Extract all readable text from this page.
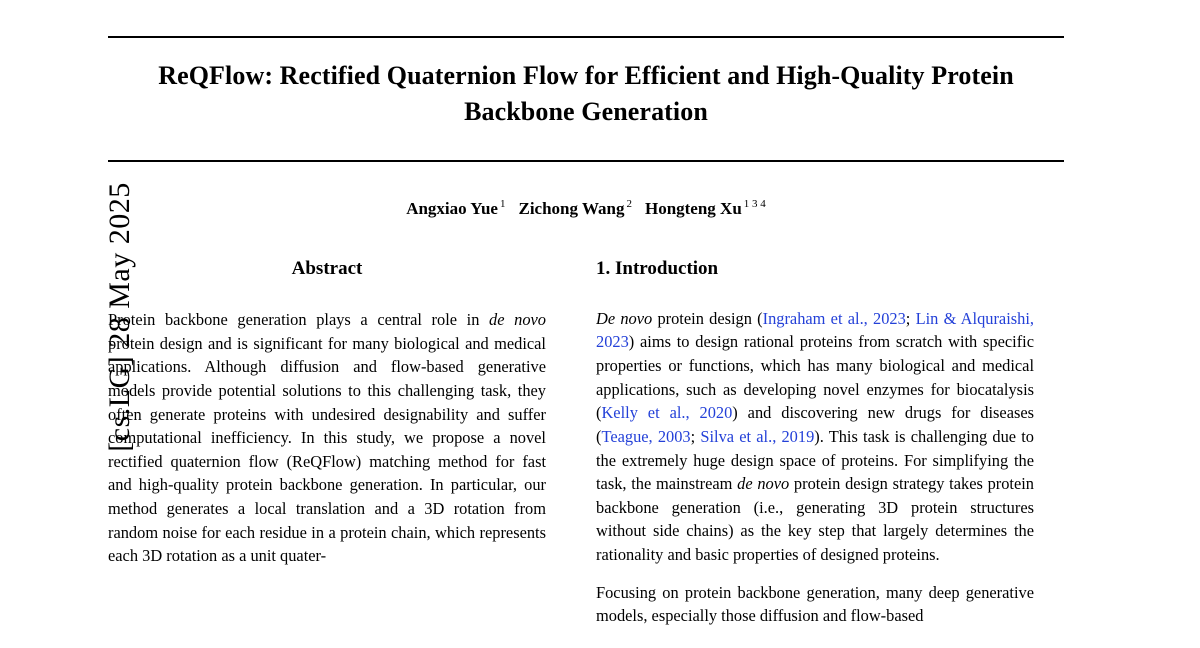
[cs.LG] 28 May 2025
ReQFlow: Rectified Quaternion Flow for Efficient and High-Quality Protein Backbone Generation
Angxiao Yue $^1$ Zichong Wang $^2$ Hongteng Xu $^{1 3 4}$
Abstract

Protein backbone generation plays a central role in de novo protein design and is significant for many biological and medical applications. Although diffusion and flow-based generative models provide potential solutions to this challenging task, they often generate proteins with undesired designability and suffer computational inefficiency. In this study, we propose a novel rectified quaternion flow (ReQFlow) matching method for fast and high-quality protein backbone generation. In particular, our method generates a local translation and a 3D rotation from random noise for each residue in a protein chain, which represents each 3D rotation as a unit quater-

1. Introduction

De novo protein design (Ingraham et al., 2023; Lin & Alquraishi, 2023) aims to design rational proteins from scratch with specific properties or functions, which has many biological and medical applications, such as developing novel enzymes for biocatalysis (Kelly et al., 2020) and discovering new drugs for diseases (Teague, 2003; Silva et al., 2019). This task is challenging due to the extremely huge design space of proteins. For simplifying the task, the mainstream de novo protein design strategy takes protein backbone generation (i.e., generating 3D protein structures without side chains) as the key step that largely determines the rationality and basic properties of designed proteins.

Focusing on protein backbone generation, many deep generative models, especially those diffusion and flow-based
